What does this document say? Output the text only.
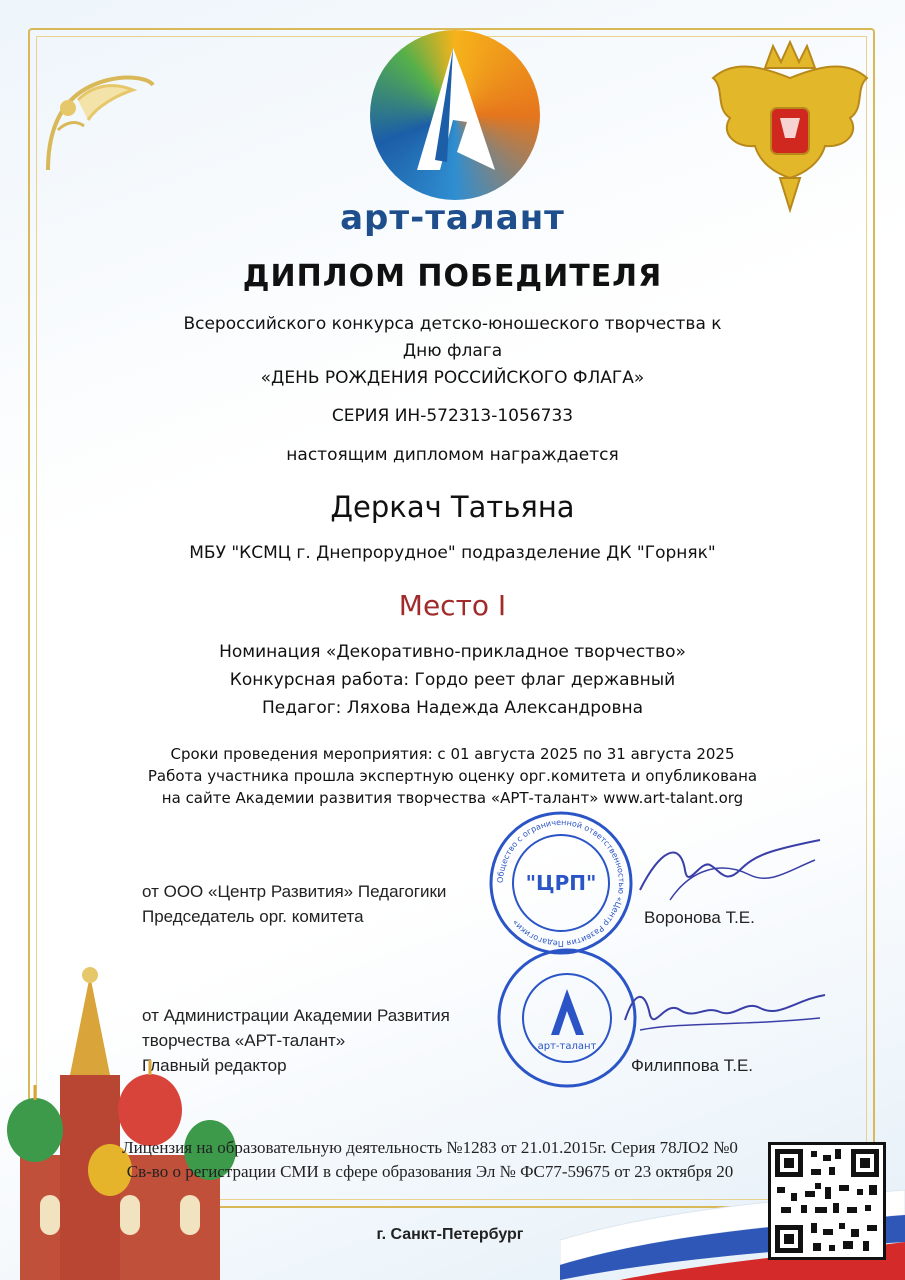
арт-талант
ДИПЛОМ ПОБЕДИТЕЛЯ
Всероссийского конкурса детско-юношеского творчества к
Дню флага
«ДЕНЬ РОЖДЕНИЯ РОССИЙСКОГО ФЛАГА»
СЕРИЯ ИН-572313-1056733
настоящим дипломом награждается
Деркач Татьяна
МБУ "КСМЦ г. Днепрорудное" подразделение ДК "Горняк"
Место I
Номинация «Декоративно-прикладное творчество»
Конкурсная работа: Гордо реет флаг державный
Педагог: Ляхова Надежда Александровна
Сроки проведения мероприятия: с 01 августа 2025 по 31 августа 2025
Работа участника прошла экспертную оценку орг.комитета и опубликована
на сайте Академии развития творчества «АРТ-талант» www.art-talant.org
от ООО «Центр Развития» Педагогики
Председатель орг. комитета
Общество с ограниченной ответственностью «Центр Развития Педагогики»
"ЦРП"
Воронова Т.Е.
от Администрации Академии Развития
творчества «АРТ-талант»
Главный редактор
арт-талант
Филиппова Т.Е.
Лицензия на образовательную деятельность №1283 от 21.01.2015г. Серия 78ЛО2 №0
Св-во о регистрации СМИ в сфере образования Эл № ФС77-59675 от 23 октября 20
г. Санкт-Петербург
